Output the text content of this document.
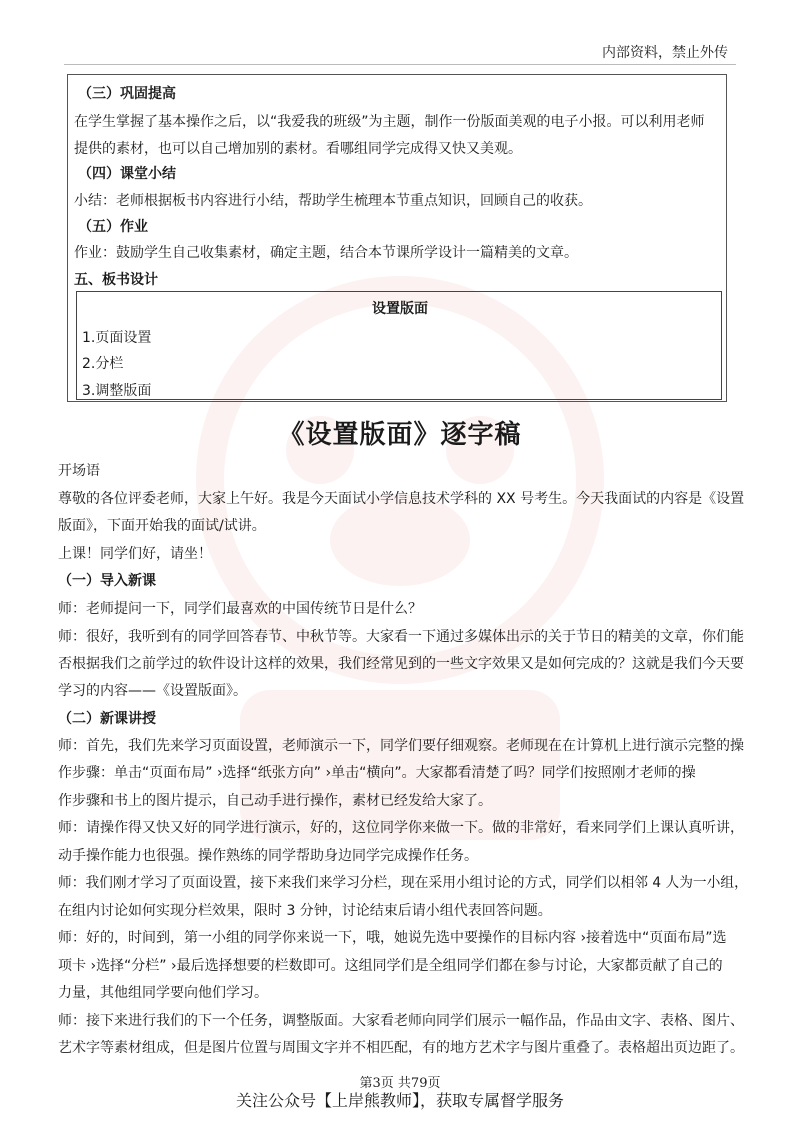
内部资料，禁止外传
（三）巩固提高
在学生掌握了基本操作之后，以“我爱我的班级”为主题，制作一份版面美观的电子小报。可以利用老师
提供的素材，也可以自己增加别的素材。看哪组同学完成得又快又美观。
（四）课堂小结
小结：老师根据板书内容进行小结，帮助学生梳理本节重点知识，回顾自己的收获。
（五）作业
作业：鼓励学生自己收集素材，确定主题，结合本节课所学设计一篇精美的文章。
五、板书设计
设置版面
1.页面设置
2.分栏
3.调整版面
《设置版面》逐字稿
开场语
尊敬的各位评委老师，大家上午好。我是今天面试小学信息技术学科的 XX 号考生。今天我面试的内容是《设置
版面》，下面开始我的面试/试讲。
上课！同学们好，请坐！
（一）导入新课
师：老师提问一下，同学们最喜欢的中国传统节日是什么？
师：很好，我听到有的同学回答春节、中秋节等。大家看一下通过多媒体出示的关于节日的精美的文章，你们能
否根据我们之前学过的软件设计这样的效果，我们经常见到的一些文字效果又是如何完成的？这就是我们今天要
学习的内容——《设置版面》。
（二）新课讲授
师：首先，我们先来学习页面设置，老师演示一下，同学们要仔细观察。老师现在在计算机上进行演示完整的操
作步骤：单击“页面布局” ›选择“纸张方向” ›单击“横向”。大家都看清楚了吗？同学们按照刚才老师的操
作步骤和书上的图片提示，自己动手进行操作，素材已经发给大家了。
师：请操作得又快又好的同学进行演示，好的，这位同学你来做一下。做的非常好，看来同学们上课认真听讲，
动手操作能力也很强。操作熟练的同学帮助身边同学完成操作任务。
师：我们刚才学习了页面设置，接下来我们来学习分栏，现在采用小组讨论的方式，同学们以相邻 4 人为一小组，
在组内讨论如何实现分栏效果，限时 3 分钟，讨论结束后请小组代表回答问题。
师：好的，时间到，第一小组的同学你来说一下，哦，她说先选中要操作的目标内容 ›接着选中“页面布局”选
项卡 ›选择“分栏” ›最后选择想要的栏数即可。这组同学们是全组同学们都在参与讨论，大家都贡献了自己的
力量，其他组同学要向他们学习。
师：接下来进行我们的下一个任务，调整版面。大家看老师向同学们展示一幅作品，作品由文字、表格、图片、
艺术字等素材组成，但是图片位置与周围文字并不相匹配，有的地方艺术字与图片重叠了。表格超出页边距了。
第3页 共79页
关注公众号【上岸熊教师】，获取专属督学服务
